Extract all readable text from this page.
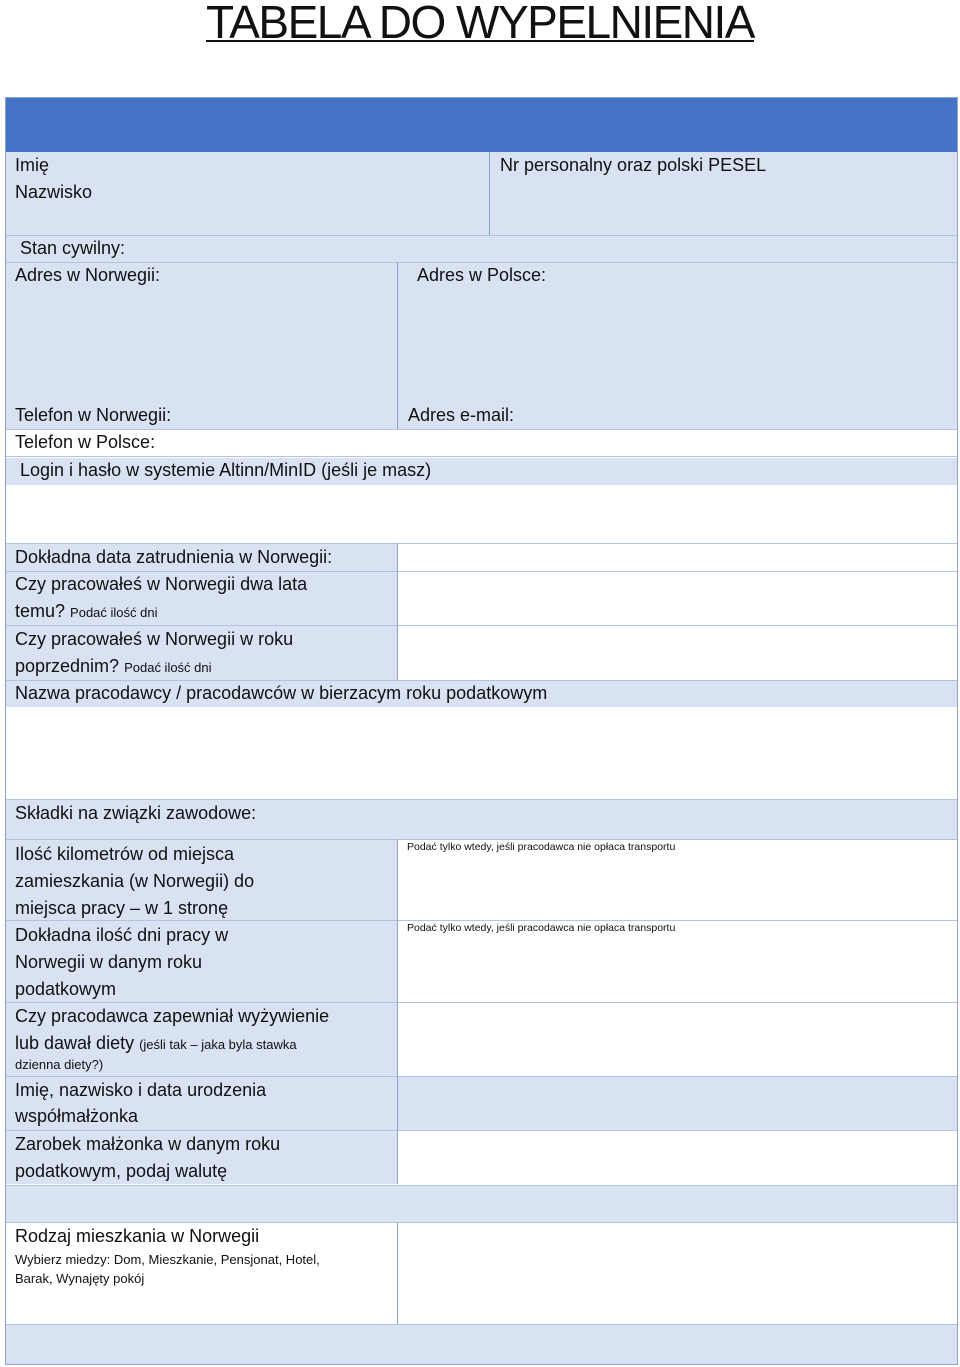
TABELA DO WYPELNIENIA
Imię
Nazwisko
Nr personalny oraz polski PESEL
Stan cywilny:
Adres w Norwegii:	Adres w Polsce:
Telefon w Norwegii:	Adres e-mail:
Telefon w Polsce:
Login i hasło w systemie Altinn/MinID (jeśli je masz)
Dokładna data zatrudnienia w Norwegii:
Czy pracowałeś w Norwegii dwa lata
temu? Podać ilość dni
Czy pracowałeś w Norwegii w roku
poprzednim? Podać ilość dni
Nazwa pracodawcy / pracodawców w bierzacym roku podatkowym
Składki na związki zawodowe:
Ilość kilometrów od miejsca
zamieszkania (w Norwegii) do
miejsca pracy – w 1 stronę
Podać tylko wtedy, jeśli pracodawca nie opłaca transportu
Dokładna ilość dni pracy w
Norwegii w danym roku
podatkowym
Podać tylko wtedy, jeśli pracodawca nie opłaca transportu
Czy pracodawca zapewniał wyżywienie
lub dawał diety (jeśli tak – jaka byla stawka
dzienna diety?)
Imię, nazwisko i data urodzenia
współmałżonka
Zarobek małżonka w danym roku
podatkowym, podaj walutę
Rodzaj mieszkania w Norwegii
Wybierz miedzy: Dom, Mieszkanie, Pensjonat, Hotel,
Barak, Wynajęty pokój
